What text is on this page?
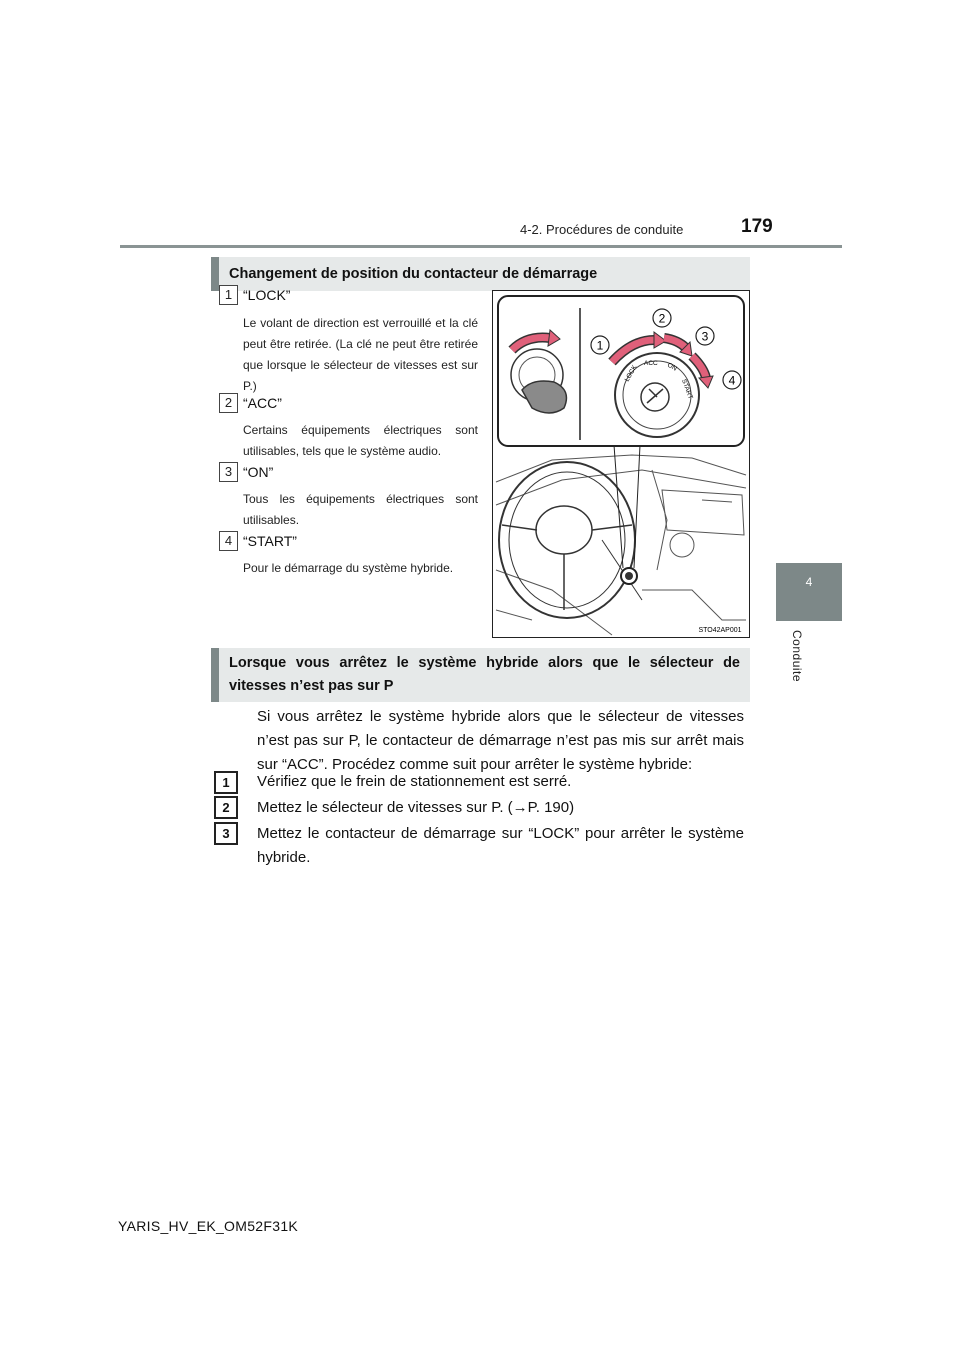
4-2. Procédures de conduite	179
4
Conduite
Changement de position du contacteur de démarrage
1 “LOCK”
Le volant de direction est verrouillé et la clé peut être retirée. (La clé ne peut être retirée que lorsque le sélecteur de vitesses est sur P.)
2 “ACC”
Certains équipements électriques sont utilisables, tels que le système audio.
3 “ON”
Tous les équipements électriques sont utilisables.
4 “START”
Pour le démarrage du système hybride.
LOCK
ACC ON
START
1
2
3
4
STO42AP001
Lorsque vous arrêtez le système hybride alors que le sélecteur de
vitesses n’est pas sur P
Si vous arrêtez le système hybride alors que le sélecteur de vitesses n’est pas sur P, le contacteur de démarrage n’est pas mis sur arrêt mais sur “ACC”. Procédez comme suit pour arrêter le système hybride:
1	Vérifiez que le frein de stationnement est serré.
2	Mettez le sélecteur de vitesses sur P. (→P. 190)
3	Mettez le contacteur de démarrage sur “LOCK” pour arrêter le système hybride.
YARIS_HV_EK_OM52F31K
